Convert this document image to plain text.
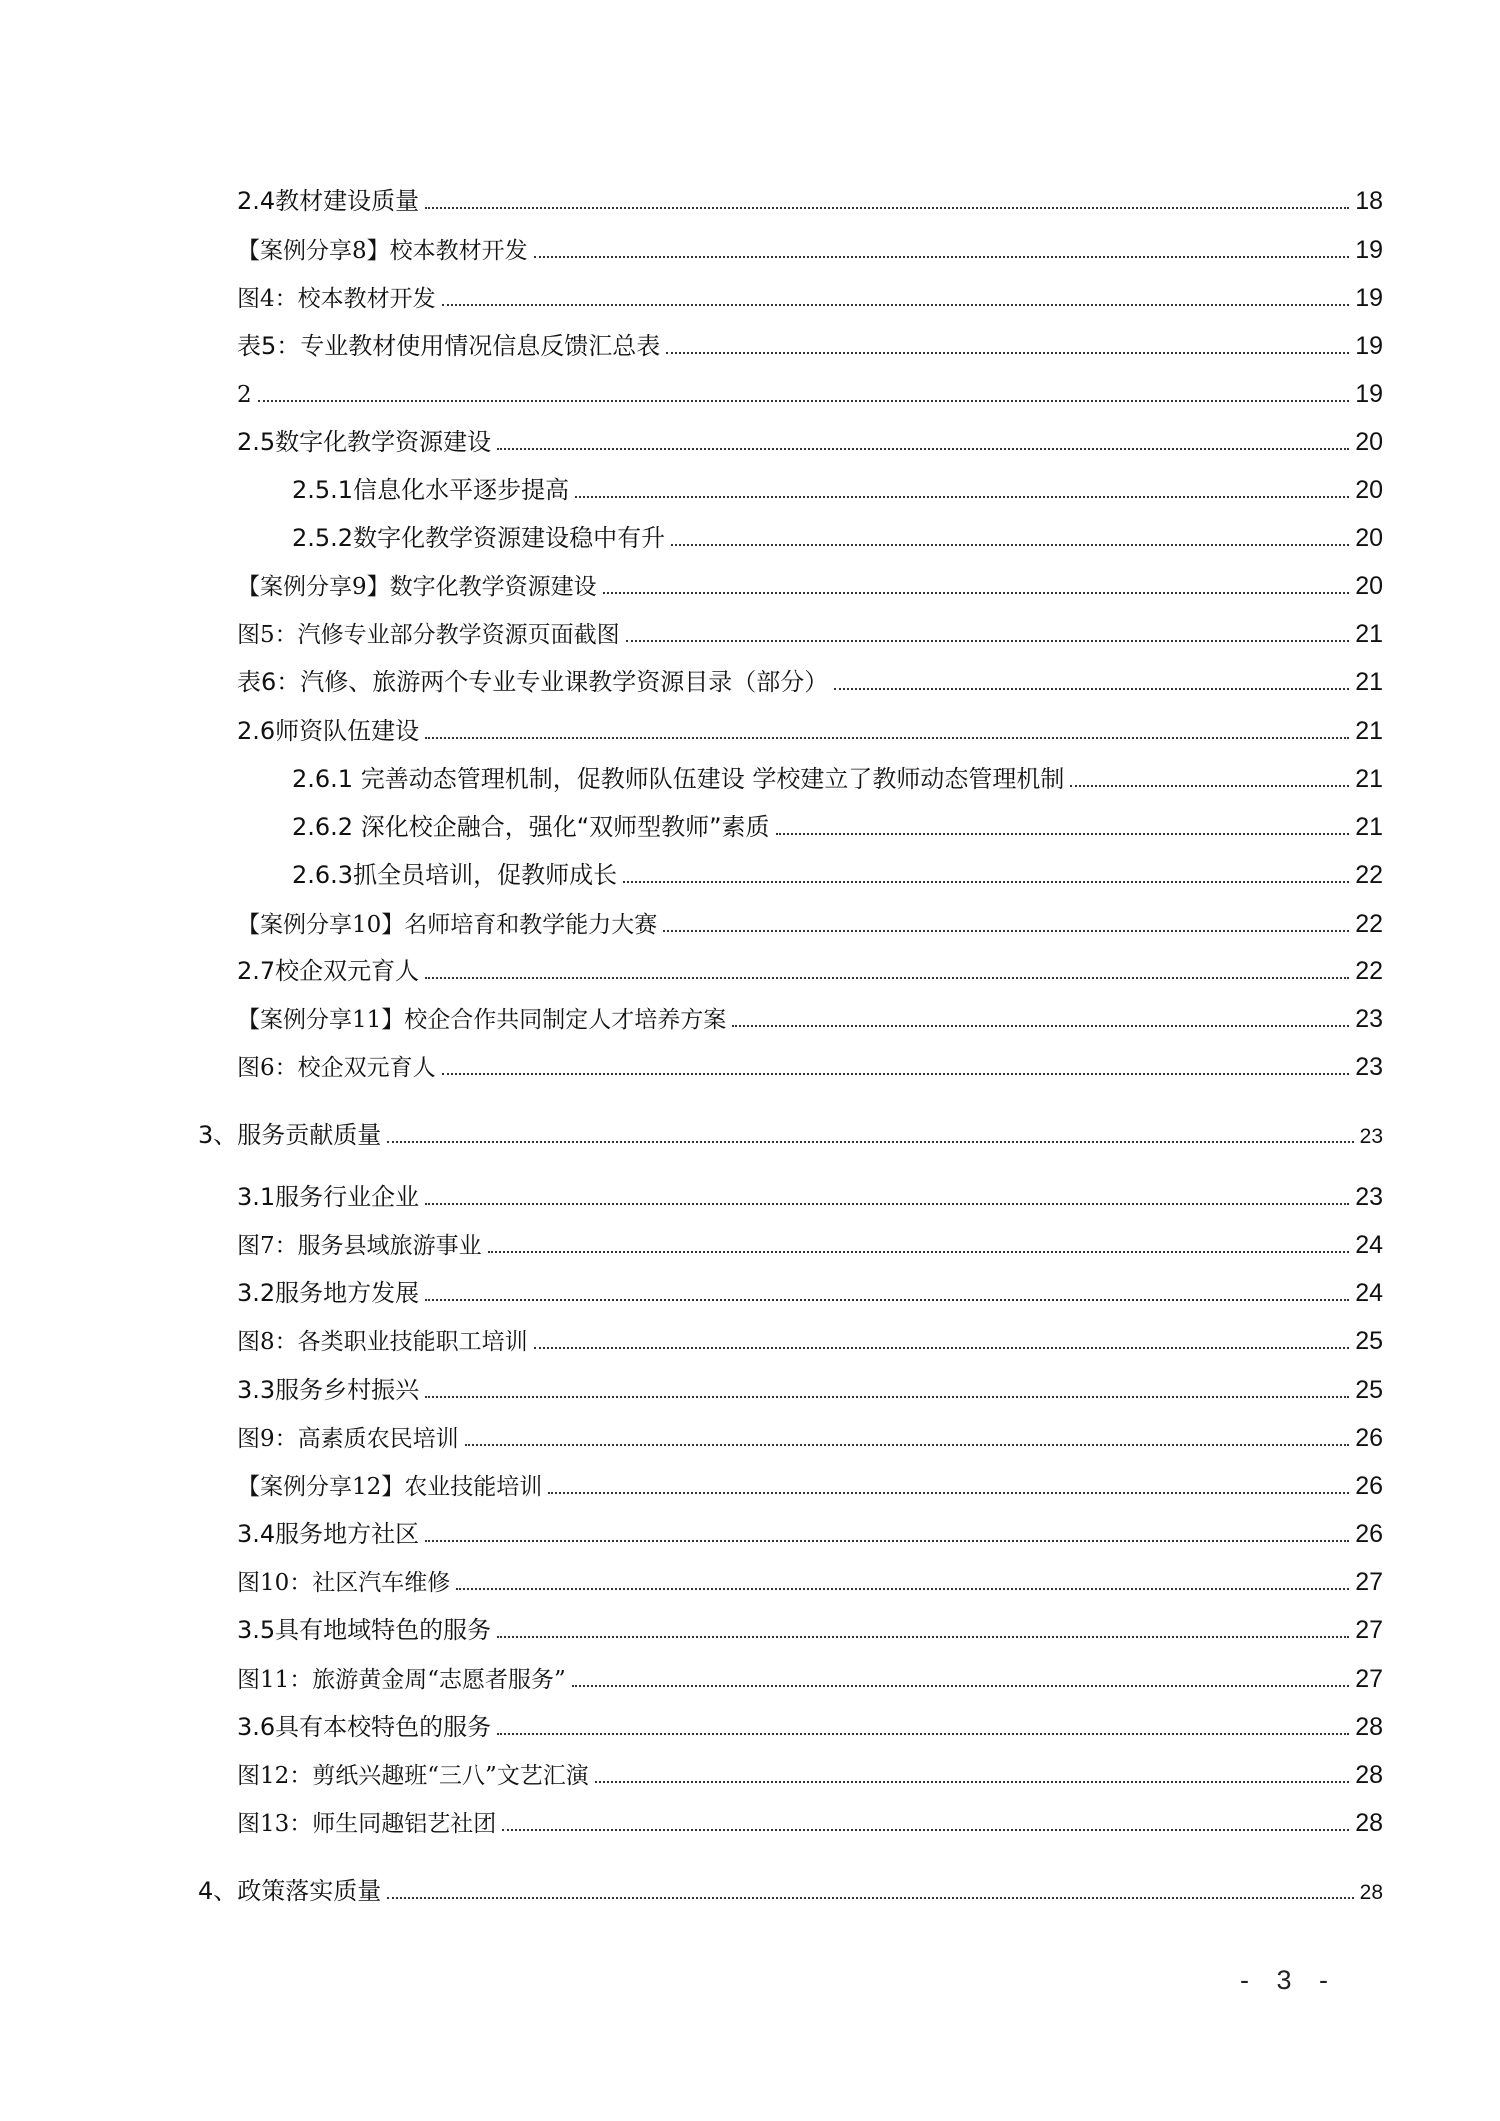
2.4教材建设质量	18
【案例分享8】校本教材开发	19
图4：校本教材开发	19
表5：专业教材使用情况信息反馈汇总表	19
2	19
2.5数字化教学资源建设	20
2.5.1信息化水平逐步提高	20
2.5.2数字化教学资源建设稳中有升	20
【案例分享9】数字化教学资源建设	20
图5：汽修专业部分教学资源页面截图	21
表6：汽修、旅游两个专业专业课教学资源目录（部分）	21
2.6师资队伍建设	21
2.6.1 完善动态管理机制，促教师队伍建设 学校建立了教师动态管理机制	21
2.6.2 深化校企融合，强化“双师型教师”素质	21
2.6.3抓全员培训，促教师成长	22
【案例分享10】名师培育和教学能力大赛	22
2.7校企双元育人	22
【案例分享11】校企合作共同制定人才培养方案	23
图6：校企双元育人	23
3、服务贡献质量	23
3.1服务行业企业	23
图7：服务县域旅游事业	24
3.2服务地方发展	24
图8：各类职业技能职工培训	25
3.3服务乡村振兴	25
图9：高素质农民培训	26
【案例分享12】农业技能培训	26
3.4服务地方社区	26
图10：社区汽车维修	27
3.5具有地域特色的服务	27
图11：旅游黄金周“志愿者服务”	27
3.6具有本校特色的服务	28
图12：剪纸兴趣班“三八”文艺汇演	28
图13：师生同趣铝艺社团	28
4、政策落实质量	28
- 3 -
